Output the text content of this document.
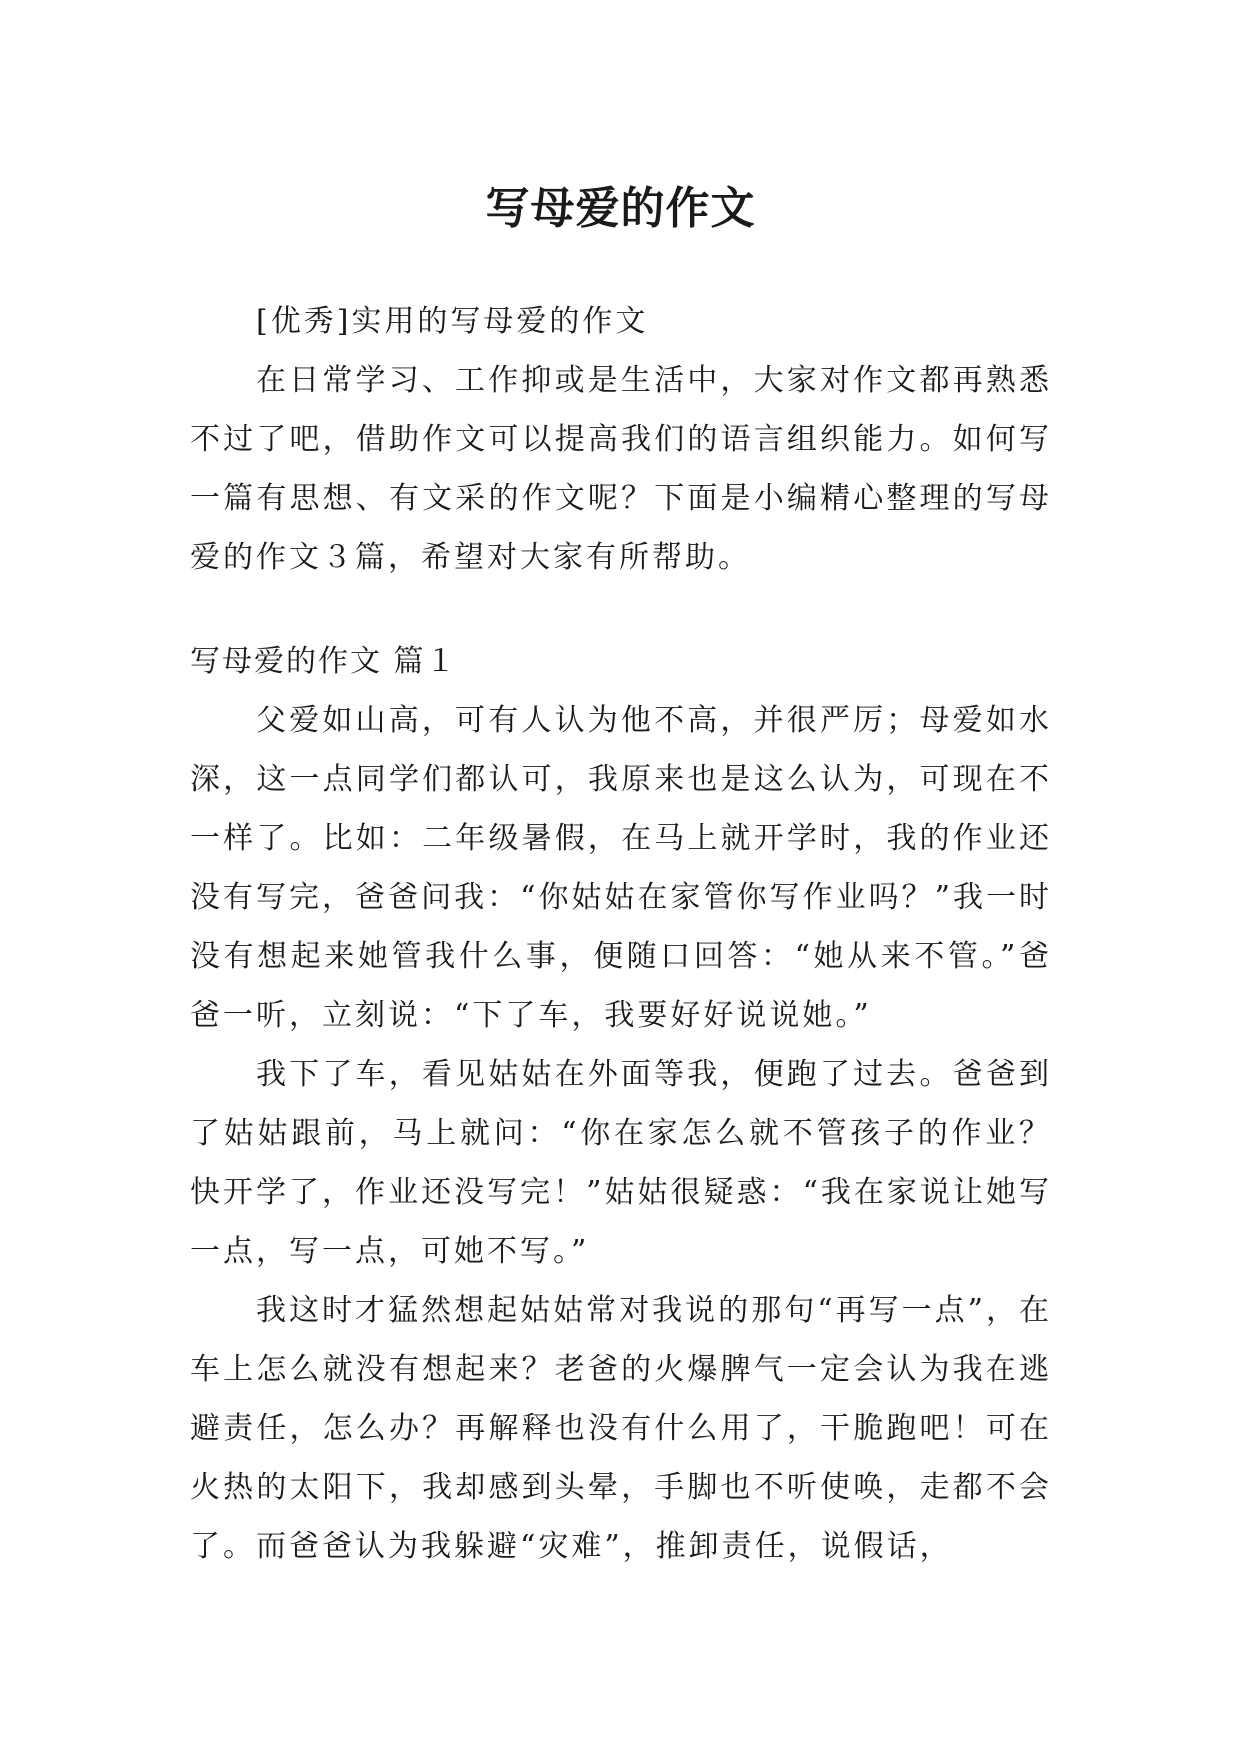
写母爱的作文

[优秀]实用的写母爱的作文

在日常学习、工作抑或是生活中，大家对作文都再熟悉不过了吧，借助作文可以提高我们的语言组织能力。如何写一篇有思想、有文采的作文呢？下面是小编精心整理的写母爱的作文３篇，希望对大家有所帮助。

写母爱的作文 篇１

父爱如山高，可有人认为他不高，并很严厉；母爱如水深，这一点同学们都认可，我原来也是这么认为，可现在不一样了。比如：二年级暑假，在马上就开学时，我的作业还没有写完，爸爸问我：“你姑姑在家管你写作业吗？”我一时没有想起来她管我什么事，便随口回答：“她从来不管。”爸爸一听，立刻说：“下了车，我要好好说说她。”

我下了车，看见姑姑在外面等我，便跑了过去。爸爸到了姑姑跟前，马上就问：“你在家怎么就不管孩子的作业？快开学了，作业还没写完！”姑姑很疑惑：“我在家说让她写一点，写一点，可她不写。”

我这时才猛然想起姑姑常对我说的那句“再写一点”，在车上怎么就没有想起来？老爸的火爆脾气一定会认为我在逃避责任，怎么办？再解释也没有什么用了，干脆跑吧！可在火热的太阳下，我却感到头晕，手脚也不听使唤，走都不会了。而爸爸认为我躲避“灾难”，推卸责任，说假话，
